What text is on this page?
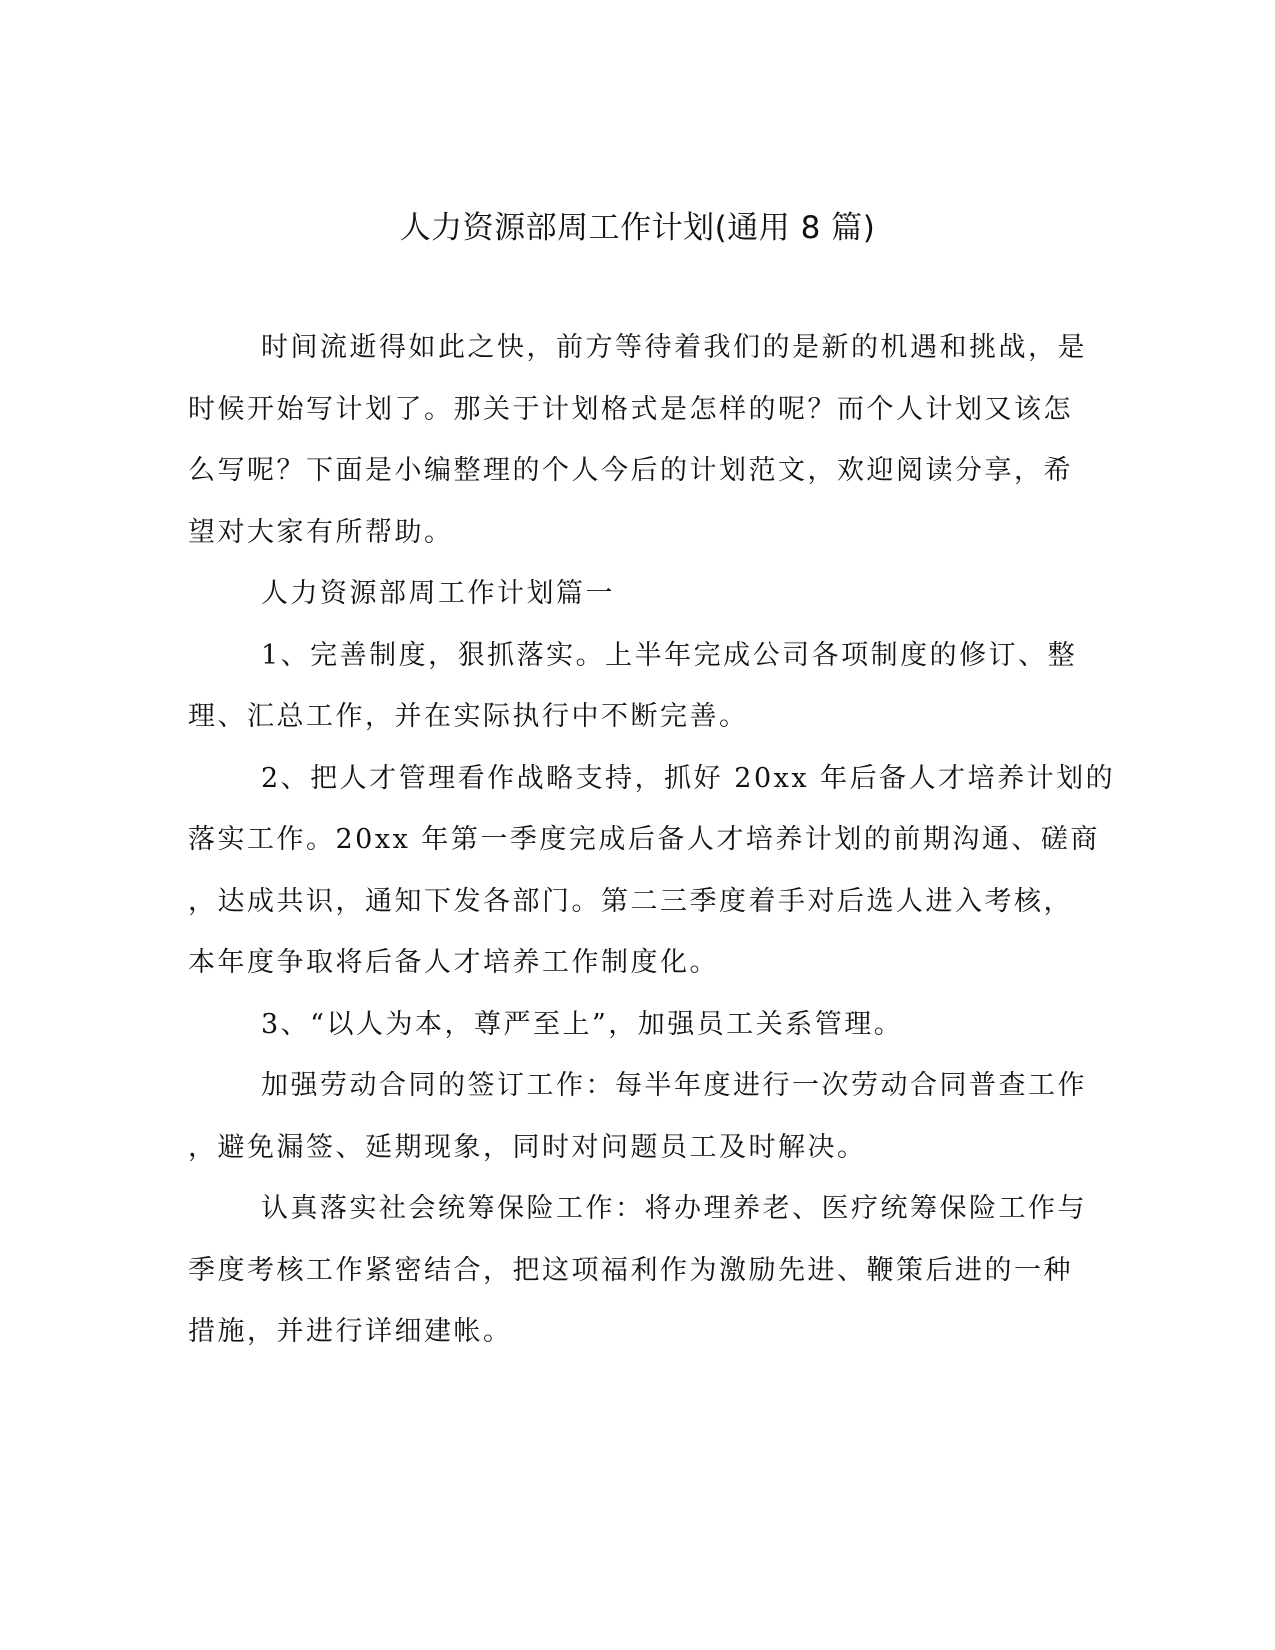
人力资源部周工作计划(通用 8 篇)
时间流逝得如此之快，前方等待着我们的是新的机遇和挑战，是
时候开始写计划了。那关于计划格式是怎样的呢？而个人计划又该怎
么写呢？下面是小编整理的个人今后的计划范文，欢迎阅读分享，希
望对大家有所帮助。
人力资源部周工作计划篇一
1、完善制度，狠抓落实。上半年完成公司各项制度的修订、整
理、汇总工作，并在实际执行中不断完善。
2、把人才管理看作战略支持，抓好 20xx 年后备人才培养计划的
落实工作。20xx 年第一季度完成后备人才培养计划的前期沟通、磋商
，达成共识，通知下发各部门。第二三季度着手对后选人进入考核，
本年度争取将后备人才培养工作制度化。
3、“以人为本，尊严至上”，加强员工关系管理。
加强劳动合同的签订工作：每半年度进行一次劳动合同普查工作
，避免漏签、延期现象，同时对问题员工及时解决。
认真落实社会统筹保险工作：将办理养老、医疗统筹保险工作与
季度考核工作紧密结合，把这项福利作为激励先进、鞭策后进的一种
措施，并进行详细建帐。
